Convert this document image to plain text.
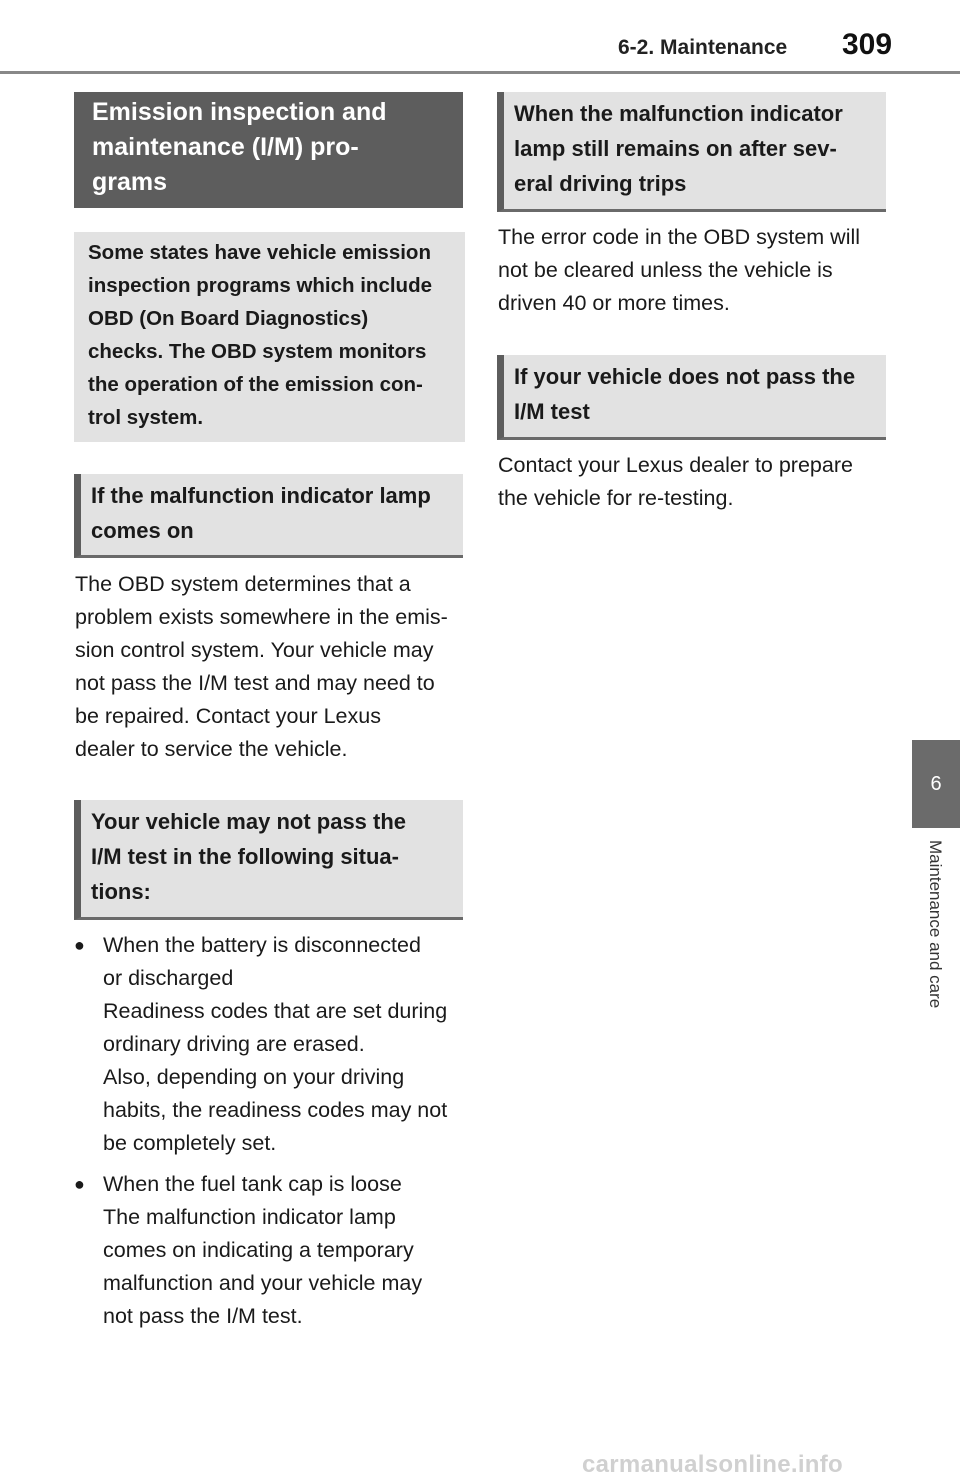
6-2. Maintenance 309
6
Maintenance and care
Emission inspection and
maintenance (I/M) pro-
grams
Some states have vehicle emission
inspection programs which include
OBD (On Board Diagnostics)
checks. The OBD system monitors
the operation of the emission con-
trol system.
If the malfunction indicator lamp
comes on
The OBD system determines that a
problem exists somewhere in the emis-
sion control system. Your vehicle may
not pass the I/M test and may need to
be repaired. Contact your Lexus
dealer to service the vehicle.
Your vehicle may not pass the
I/M test in the following situa-
tions:
● When the battery is disconnected
or discharged
Readiness codes that are set during
ordinary driving are erased.
Also, depending on your driving
habits, the readiness codes may not
be completely set.
● When the fuel tank cap is loose
The malfunction indicator lamp
comes on indicating a temporary
malfunction and your vehicle may
not pass the I/M test.
When the malfunction indicator
lamp still remains on after sev-
eral driving trips
The error code in the OBD system will
not be cleared unless the vehicle is
driven 40 or more times.
If your vehicle does not pass the
I/M test
Contact your Lexus dealer to prepare
the vehicle for re-testing.
carmanualsonline.info
